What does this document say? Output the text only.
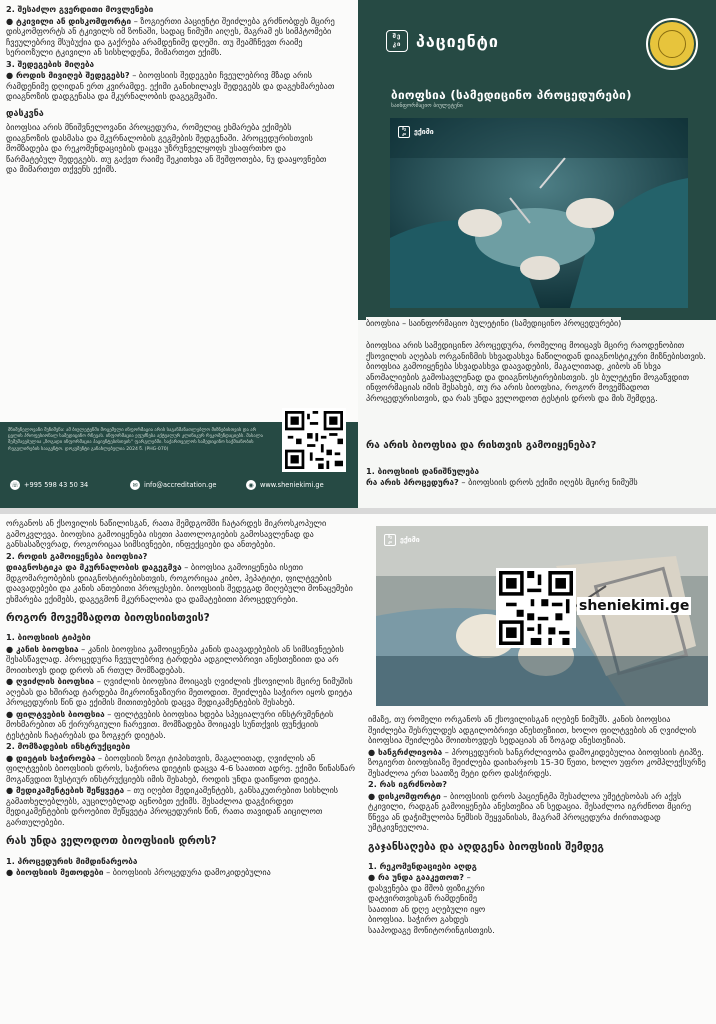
2. შესაძლო გვერდითი მოვლენები

● ტკივილი ან დისკომფორტი – ზოგიერთი პაციენტი შეიძლება გრძნობდეს მცირე დისკომფორტს ან ტკივილს იმ ზონაში, სადაც ნიმუში აიღეს, მაგრამ ეს სიმპტომები ჩვეულებრივ მსუბუქია და გაქრება არამდენიმე დღეში. თუ შეამჩნევთ რაიმე სერიოზული ტკივილი ან სისხლდენა, მიმართეთ ექიმს.

3. შედეგების მიღება

● როდის მივიღებ შედეგებს? – ბიოფსიის შედეგები ჩვეულებრივ მზად არის რამდენიმე დღიდან ერთ კვირამდე. ექიმი განიხილავს შედეგებს და დაგეხმარებათ დიაგნოზის დადგენასა და მკურნალობის დაგეგმვაში.

დასკვნა

ბიოფსია არის მნიშვნელოვანი პროცედურა, რომელიც ეხმარება ექიმებს დიაგნოზის დასმასა და მკურნალობის გეგმების შედგენაში. პროცედურისთვის მომზადება და რეკომენდაციების დაცვა უზრუნველყოფს უსაფრთხო და წარმატებულ შედეგებს. თუ გაქვთ რაიმე შეკითხვა ან შეშფოთება, ნუ დააყოვნებთ და მიმართეთ თქვენს ექიმს.

მნიშვნელოვანი შენიშვნა: ამ ბიულეტენში მოცემული ინფორმაცია არის საგანმანათლებლო მიზნებისთვის და არ ცვლის პროფესიონალ სამედიცინო რჩევას. ინფორმაცია ეფუძნება აქტუალურ კლინიკურ რეკომენდაციებს. მასალა შემუშავებულია „ზოგადი ინფორმაცია პაციენტებისთვის“ ფარგლებში. საქართველოს სამედიცინო საქმიანობის რეგულირების სააგენტო. დოკუმენტი განახლებულია 2024 წ. (PHG-070)
☏ +995 598 43 50 34	✉ info@accreditation.ge	◉ www.sheniekimi.ge
შე
კი პაციენტი
ბიოფსია (სამედიცინო პროცედურები)
საინფორმაციო ბიულეტენი
შე
კი	ექიმი
ბიოფსია – საინფორმაციო ბულეტინი (სამედიცინო პროცედურები)
ბიოფსია არის სამედიცინო პროცედურა, რომელიც მოიცავს მცირე რაოდენობით ქსოვილის აღებას ორგანიზმის სხვადასხვა ნაწილიდან დიაგნოსტიკური მიზნებისთვის. ბიოფსია გამოიყენება სხვადასხვა დაავადების, მაგალითად, კიბოს ან სხვა ანომალიების გამოსავლენად და დიაგნოსტირებისთვის. ეს ბულეტენი მოგაწვდით ინფორმაციას იმის შესახებ, თუ რა არის ბიოფსია, როგორ მოვემზადოთ პროცედურისთვის, და რას უნდა ველოდოთ ტესტის დროს და მის შემდეგ.
რა არის ბიოფსია და რისთვის გამოიყენება?

1. ბიოფსიის დანიშნულება

რა არის პროცედურა? – ბიოფსიის დროს ექიმი იღებს მცირე ნიმუშს

ორგანოს ან ქსოვილის ნაწილისგან, რათა შემდგომში ჩატარდეს მიკროსკოპული გამოკვლევა. ბიოფსია გამოიყენება ისეთი პათოლოგიების გამოსავლენად და განსასაზღვრად, როგორიცაა სიმსივნეები, ინფექციები და ანთებები.

2. როდის გამოიყენება ბიოფსია?

დიაგნოსტიკა და მკურნალობის დაგეგმვა – ბიოფსია გამოიყენება ისეთი მდგომარეობების დიაგნოსტირებისთვის, როგორიცაა კიბო, ჰეპატიტი, ფილტვების დაავადებები და კანის ანთებითი პროცესები. ბიოფსიის შედეგად მიღებული მონაცემები ეხმარება ექიმებს, დაგეგმონ მკურნალობა და დამატებითი პროცედურები.

როგორ მოვემზადოთ ბიოფსიისთვის?

1. ბიოფსიის ტიპები

● კანის ბიოფსია – კანის ბიოფსია გამოიყენება კანის დაავადებების ან სიმსივნეების შესასწავლად. პროცედურა ჩვეულებრივ ტარდება ადგილობრივი ანესთეზიით და არ მოითხოვს დიდ დროს ან რთულ მომზადებას.

● ღვიძლის ბიოფსია – ღვიძლის ბიოფსია მოიცავს ღვიძლის ქსოვილის მცირე ნიმუშის აღებას და ხშირად ტარდება მიკროინვაზიური მეთოდით. შეიძლება საჭირო იყოს დიეტა პროცედურის წინ და ექიმის მითითებების დაცვა მედიკამენტების შესახებ.

● ფილტვების ბიოფსია – ფილტვების ბიოფსია ხდება სპეციალური ინსტრუმენტის მოხმარებით ან ქირურგიული ჩარევით. მომზადება მოიცავს სუნთქვის ფუნქციის ტესტების ჩატარებას და ზოგჯერ დიეტას.

2. მომზადების ინსტრუქციები

● დიეტის საჭიროება – ბიოფსიის ზოგი ტიპისთვის, მაგალითად, ღვიძლის ან ფილტვების ბიოფსიის დროს, საჭიროა დიეტის დაცვა 4-6 საათით ადრე. ექიმი წინასწარ მოგაწვდით ზუსტიურ ინსტრუქციებს იმის შესახებ, როდის უნდა დაიწყოთ დიეტა.

● მედიკამენტების შეწყვეტა – თუ იღებთ მედიკამენტებს, განსაკუთრებით სისხლის გამათხელებლებს, აუცილებლად აცნობეთ ექიმს. შესაძლოა დაგჭირდეთ მედიკამენტების დროებით შეწყვეტა პროცედურის წინ, რათა თავიდან აიცილოთ გართულებები.

რას უნდა ველოდოთ ბიოფსიის დროს?

1. პროცედურის მიმდინარეობა

● ბიოფსიის მეთოდები – ბიოფსიის პროცედურა დამოკიდებულია

შე
კი	ექიმი

იმაზე, თუ რომელი ორგანოს ან ქსოვილისგან იღებენ ნიმუშს. კანის ბიოფსია შეიძლება შესრულდეს ადგილობრივი ანესთეზიით, ხოლო ფილტვების ან ღვიძლის ბიოფსია შეიძლება მოითხოვდეს სედაციას ან ზოგად ანესთეზიას.

● ხანგრძლივობა – პროცედურის ხანგრძლივობა დამოკიდებულია ბიოფსიის ტიპზე. ზოგიერთ ბიოფსიაზე შეიძლება დაიხარჯოს 15-30 წუთი, ხოლო უფრო კომპლექსურზე შესაძლოა ერთ საათზე მეტი დრო დასჭირდეს.

2. რას იგრძნობთ?

● დისკომფორტი – ბიოფსიის დროს პაციენტმა შესაძლოა უმეტესობას არ აქვს ტკივილი, რადგან გამოიყენება ანესთეზია ან სედაცია. შესაძლოა იგრძნოთ მცირე წნევა ან დაჭიმულობა ნემსის შეყვანისას, მაგრამ პროცედურა ძირითადად უმტკივნეულოა.

გაჯანსაღება და აღდგენა ბიოფსიის შემდეგ

1. რეკომენდაციები აღდგ

● რა უნდა გააკეთოთ? – დასვენება და მშობ ფიზიკური დატვირთვისგან რამდენიმე საათით ან დღე აღებული იყო ბიოფსია. საჭირო გახდეს სააპოდაგე მონიტორინგისთვის.

sheniekimi.ge
